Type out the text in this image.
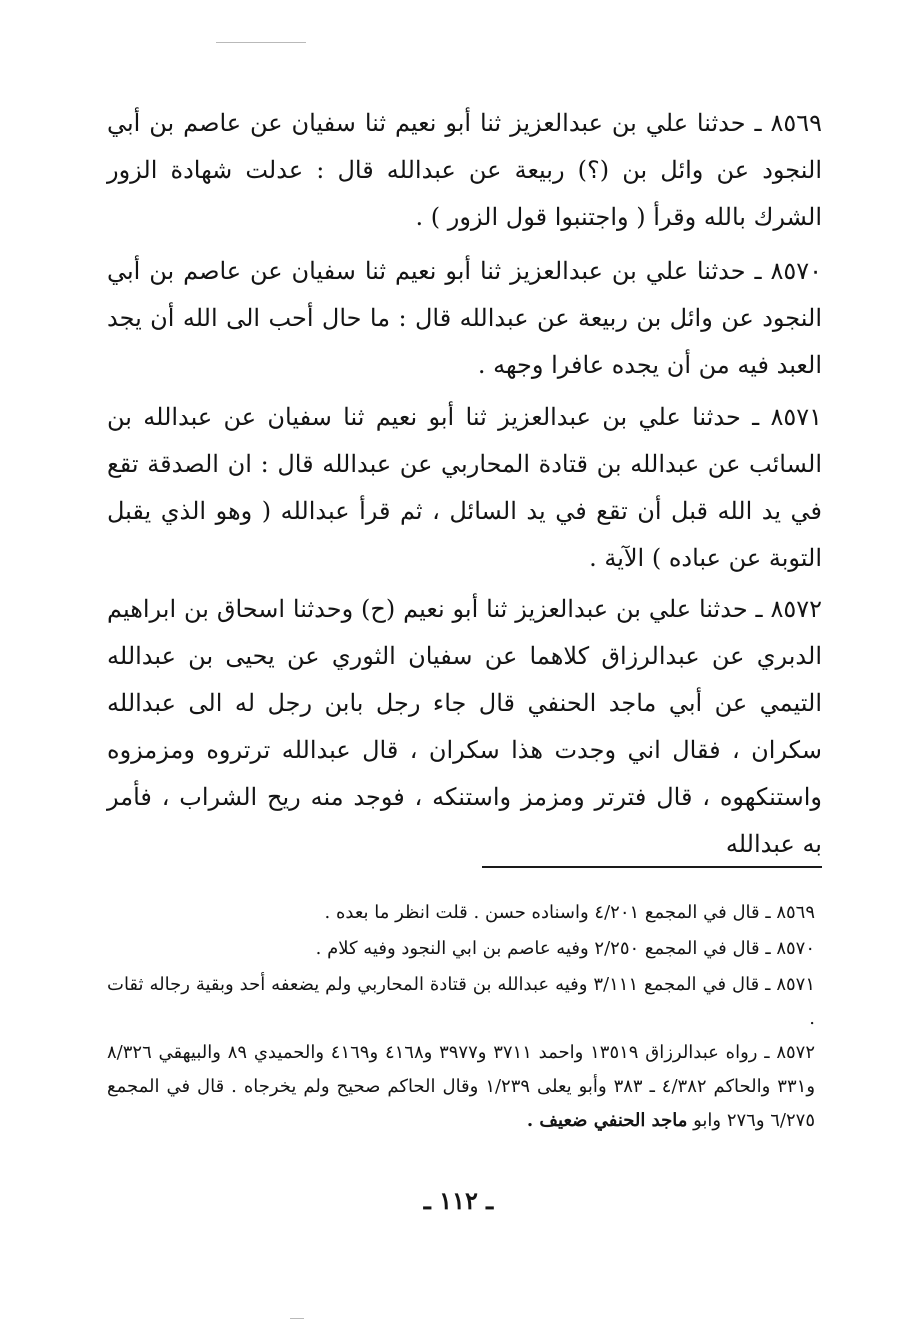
٨٥٦٩ ـ حدثنا علي بن عبدالعزيز ثنا أبو نعيم ثنا سفيان عن عاصم بن أبي النجود عن وائل بن (؟) ربيعة عن عبدالله قال : عدلت شهادة الزور الشرك بالله وقرأ ( واجتنبوا قول الزور ) .

٨٥٧٠ ـ حدثنا علي بن عبدالعزيز ثنا أبو نعيم ثنا سفيان عن عاصم بن أبي النجود عن وائل بن ربيعة عن عبدالله قال : ما حال أحب الى الله أن يجد العبد فيه من أن يجده عافرا وجهه .

٨٥٧١ ـ حدثنا علي بن عبدالعزيز ثنا أبو نعيم ثنا سفيان عن عبدالله بن السائب عن عبدالله بن قتادة المحاربي عن عبدالله قال : ان الصدقة تقع في يد الله قبل أن تقع في يد السائل ، ثم قرأ عبدالله ( وهو الذي يقبل التوبة عن عباده ) الآية .

٨٥٧٢ ـ حدثنا علي بن عبدالعزيز ثنا أبو نعيم (ح) وحدثنا اسحاق بن ابراهيم الدبري عن عبدالرزاق كلاهما عن سفيان الثوري عن يحيى بن عبدالله التيمي عن أبي ماجد الحنفي قال جاء رجل بابن رجل له الى عبدالله سكران ، فقال اني وجدت هذا سكران ، قال عبدالله ترتروه ومزمزوه واستنكهوه ، قال فترتر ومزمز واستنكه ، فوجد منه ريح الشراب ، فأمر به عبدالله

٨٥٦٩ ـ قال في المجمع ٤/٢٠١ واسناده حسن . قلت انظر ما بعده .

٨٥٧٠ ـ قال في المجمع ٢/٢٥٠ وفيه عاصم بن ابي النجود وفيه كلام .

٨٥٧١ ـ قال في المجمع ٣/١١١ وفيه عبدالله بن قتادة المحاربي ولم يضعفه أحد وبقية رجاله ثقات .

٨٥٧٢ ـ رواه عبدالرزاق ١٣٥١٩ واحمد ٣٧١١ و٣٩٧٧ و٤١٦٨ و٤١٦٩ والحميدي ٨٩ والبيهقي ٨/٣٢٦ و٣٣١ والحاكم ٤/٣٨٢ ـ ٣٨٣ وأبو يعلى ١/٢٣٩ وقال الحاكم صحيح ولم يخرجاه . قال في المجمع ٦/٢٧٥ و٢٧٦ وابو ماجد الحنفي ضعيف .

ـ ١١٢ ـ
